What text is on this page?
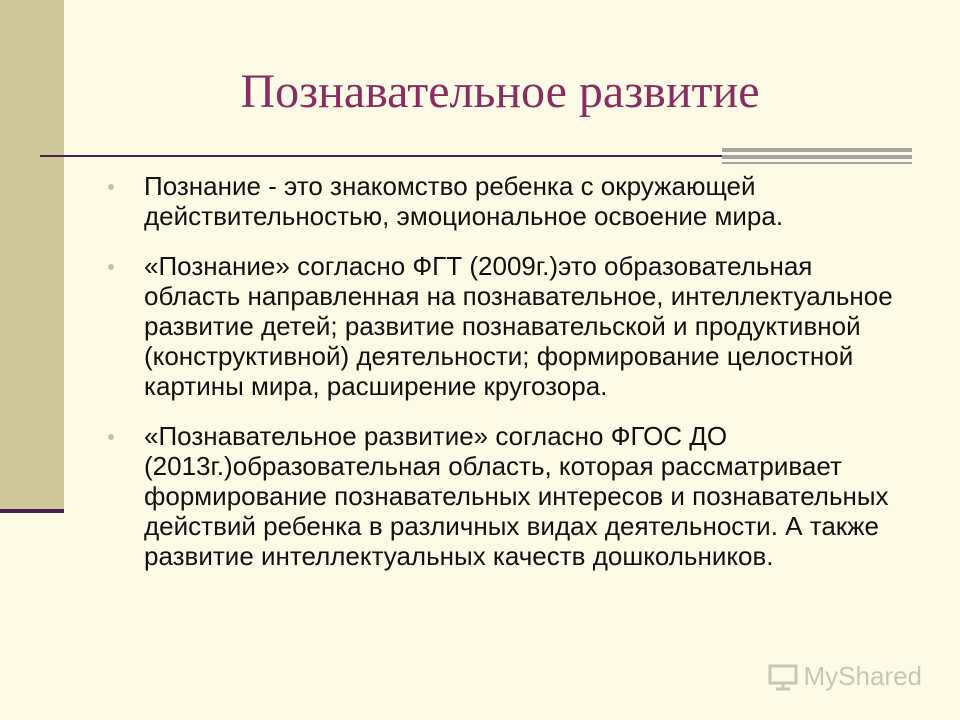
Познавательное развитие
Познание - это знакомство ребенка с окружающей действительностью, эмоциональное освоение мира.
«Познание» согласно ФГТ (2009г.)это образовательная область направленная на познавательное, интеллектуальное развитие детей; развитие познавательской и продуктивной (конструктивной) деятельности; формирование целостной картины мира, расширение кругозора.
«Познавательное развитие» согласно ФГОС ДО (2013г.)образовательная область, которая рассматривает формирование познавательных интересов и познавательных действий ребенка в различных видах деятельности. А также развитие интеллектуальных качеств дошкольников.
MyShared
